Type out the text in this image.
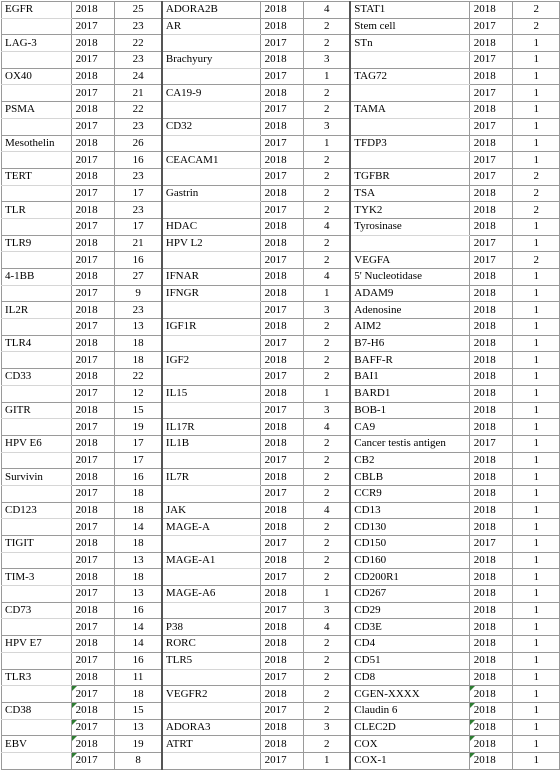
EGFR	2018	25	ADORA2B	2018	4	STAT1	2018	2
	2017	23	AR	2018	2	Stem cell	2017	2
LAG-3	2018	22		2017	2	STn	2018	1
	2017	23	Brachyury	2018	3		2017	1
OX40	2018	24		2017	1	TAG72	2018	1
	2017	21	CA19-9	2018	2		2017	1
PSMA	2018	22		2017	2	TAMA	2018	1
	2017	23	CD32	2018	3		2017	1
Mesothelin	2018	26		2017	1	TFDP3	2018	1
	2017	16	CEACAM1	2018	2		2017	1
TERT	2018	23		2017	2	TGFBR	2017	2
	2017	17	Gastrin	2018	2	TSA	2018	2
TLR	2018	23		2017	2	TYK2	2018	2
	2017	17	HDAC	2018	4	Tyrosinase	2018	1
TLR9	2018	21	HPV L2	2018	2		2017	1
	2017	16		2017	2	VEGFA	2017	2
4-1BB	2018	27	IFNAR	2018	4	5' Nucleotidase	2018	1
	2017	9	IFNGR	2018	1	ADAM9	2018	1
IL2R	2018	23		2017	3	Adenosine	2018	1
	2017	13	IGF1R	2018	2	AIM2	2018	1
TLR4	2018	18		2017	2	B7-H6	2018	1
	2017	18	IGF2	2018	2	BAFF-R	2018	1
CD33	2018	22		2017	2	BAI1	2018	1
	2017	12	IL15	2018	1	BARD1	2018	1
GITR	2018	15		2017	3	BOB-1	2018	1
	2017	19	IL17R	2018	4	CA9	2018	1
HPV E6	2018	17	IL1B	2018	2	Cancer testis antigen	2017	1
	2017	17		2017	2	CB2	2018	1
Survivin	2018	16	IL7R	2018	2	CBLB	2018	1
	2017	18		2017	2	CCR9	2018	1
CD123	2018	18	JAK	2018	4	CD13	2018	1
	2017	14	MAGE-A	2018	2	CD130	2018	1
TIGIT	2018	18		2017	2	CD150	2017	1
	2017	13	MAGE-A1	2018	2	CD160	2018	1
TIM-3	2018	18		2017	2	CD200R1	2018	1
	2017	13	MAGE-A6	2018	1	CD267	2018	1
CD73	2018	16		2017	3	CD29	2018	1
	2017	14	P38	2018	4	CD3E	2018	1
HPV E7	2018	14	RORC	2018	2	CD4	2018	1
	2017	16	TLR5	2018	2	CD51	2018	1
TLR3	2018	11		2017	2	CD8	2018	1
	2017	18	VEGFR2	2018	2	CGEN-XXXX	2018	1
CD38	2018	15		2017	2	Claudin 6	2018	1
	2017	13	ADORA3	2018	3	CLEC2D	2018	1
EBV	2018	19	ATRT	2018	2	COX	2018	1
	2017	8		2017	1	COX-1	2018	1
